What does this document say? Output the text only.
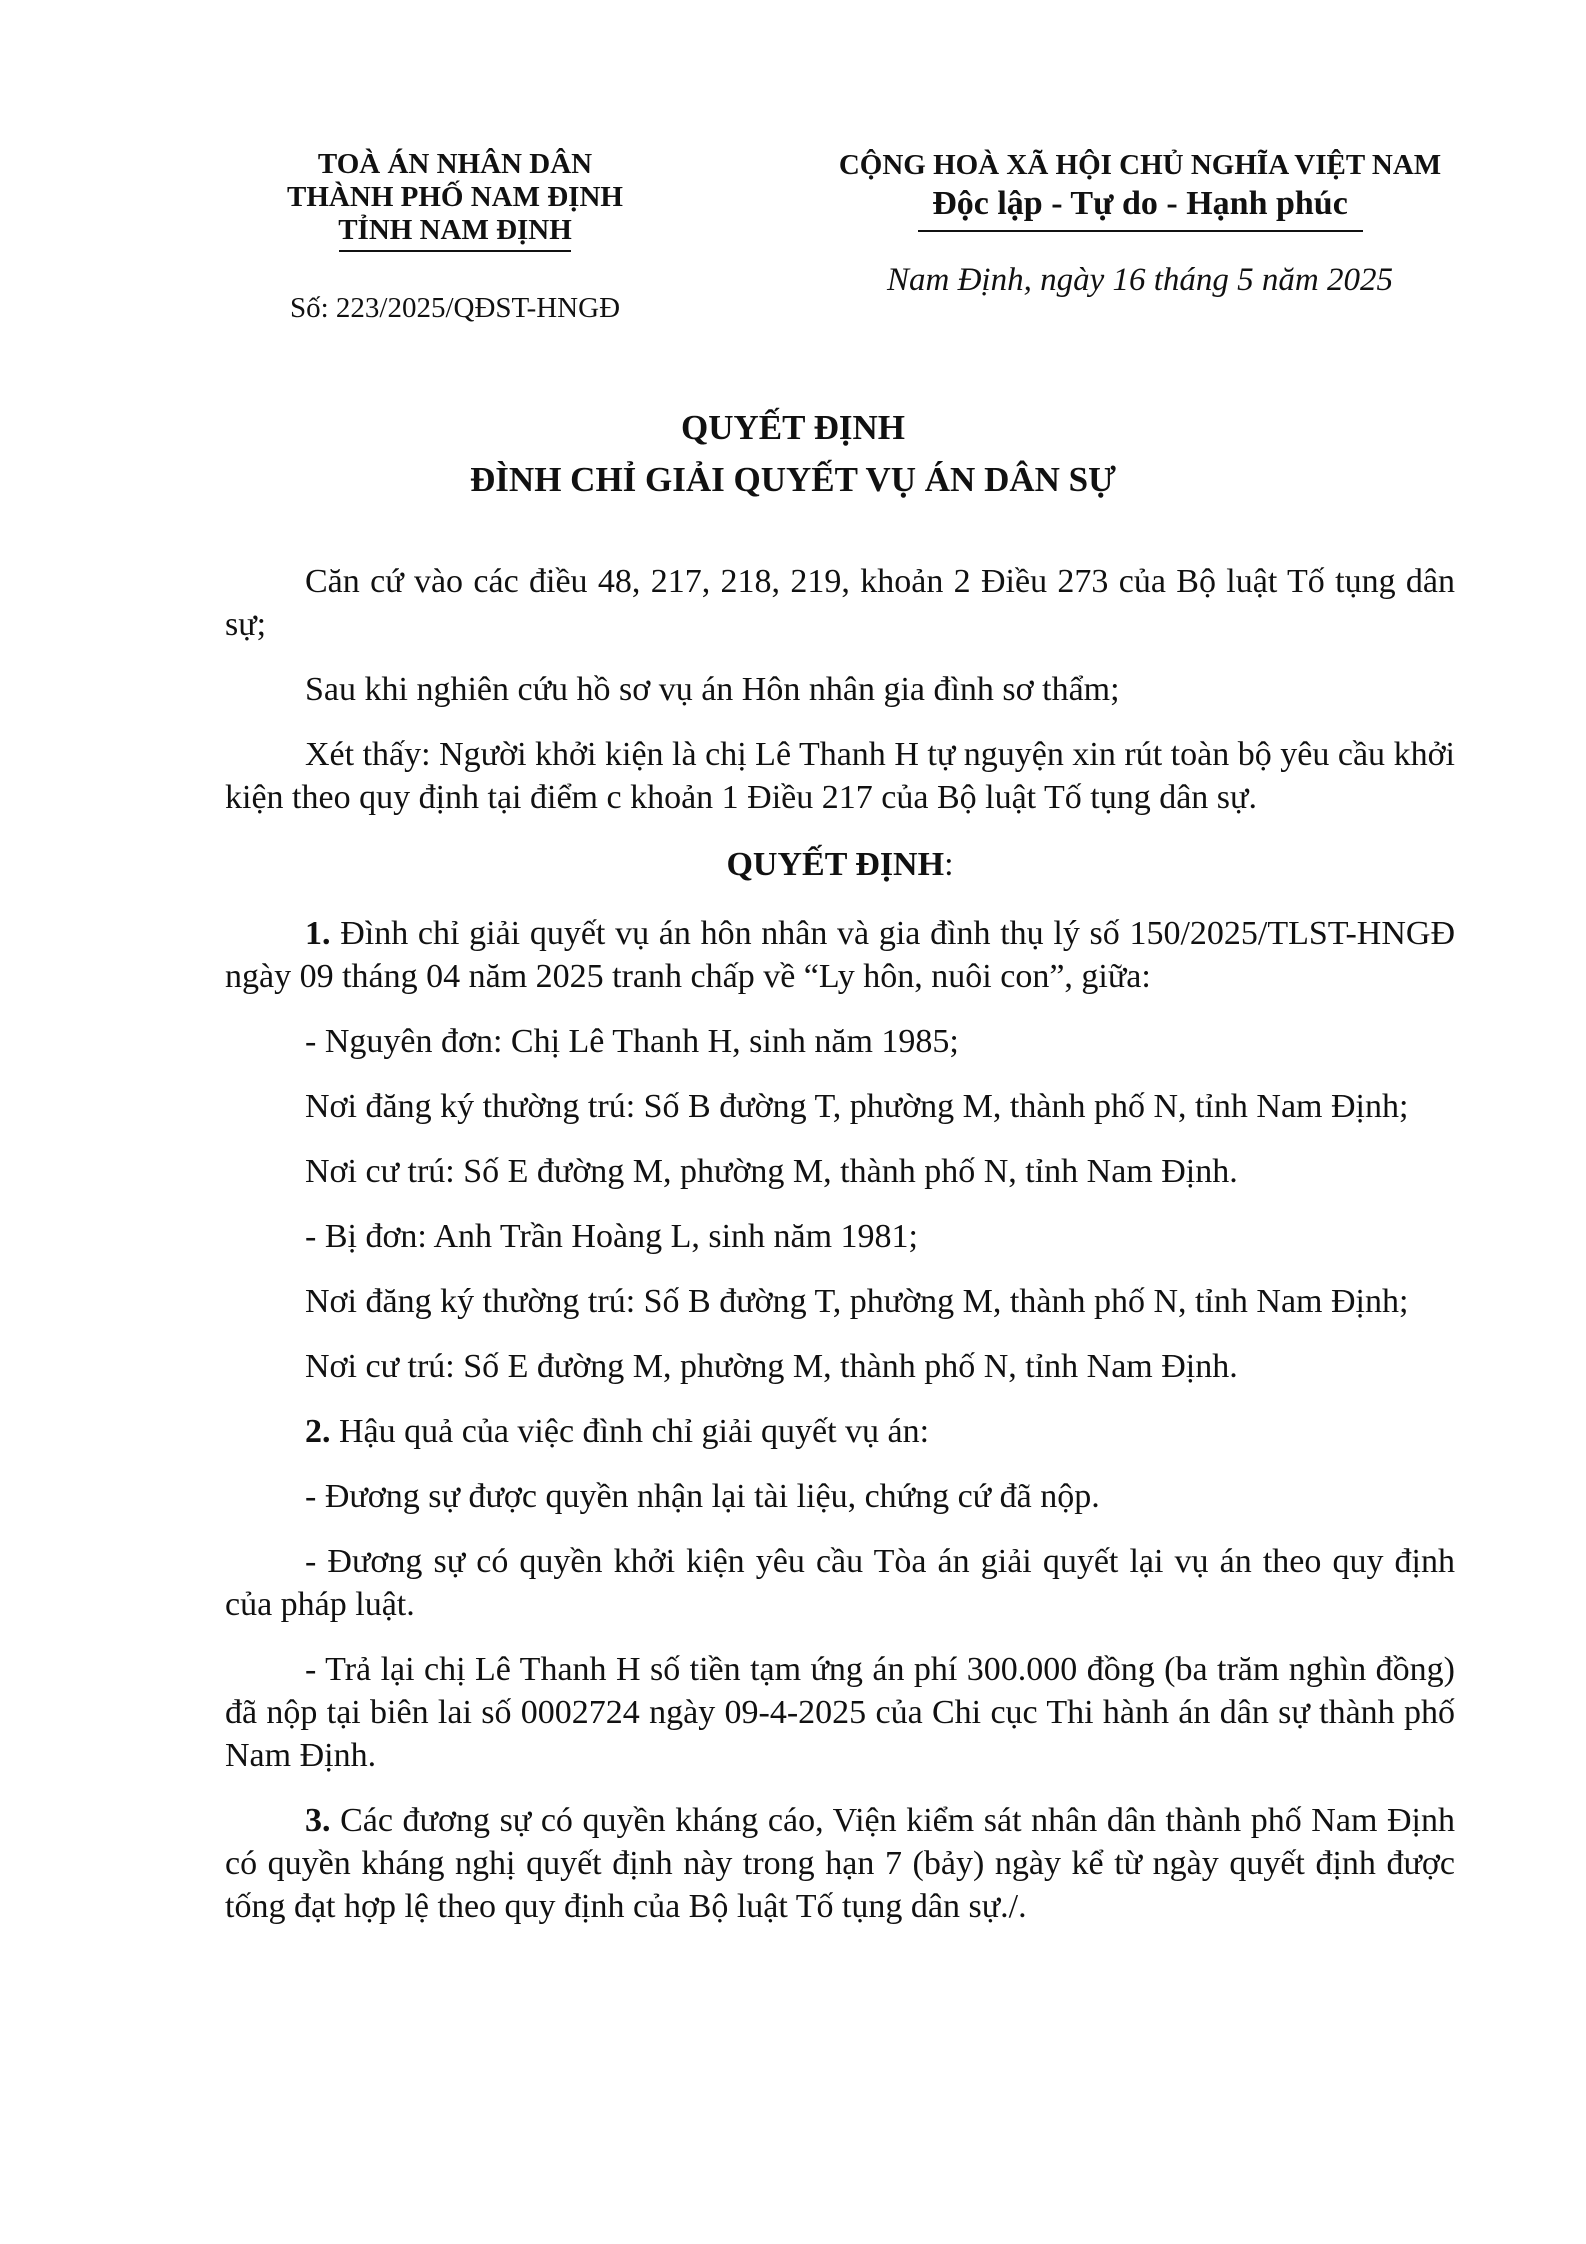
TOÀ ÁN NHÂN DÂN
THÀNH PHỐ NAM ĐỊNH
TỈNH NAM ĐỊNH
Số: 223/2025/QĐST-HNGĐ
CỘNG HOÀ XÃ HỘI CHỦ NGHĨA VIỆT NAM
Độc lập - Tự do - Hạnh phúc
Nam Định, ngày 16 tháng 5 năm 2025
QUYẾT ĐỊNH
ĐÌNH CHỈ GIẢI QUYẾT VỤ ÁN DÂN SỰ

Căn cứ vào các điều 48, 217, 218, 219, khoản 2 Điều 273 của Bộ luật Tố tụng dân sự;

Sau khi nghiên cứu hồ sơ vụ án Hôn nhân gia đình sơ thẩm;

Xét thấy: Người khởi kiện là chị Lê Thanh H tự nguyện xin rút toàn bộ yêu cầu khởi kiện theo quy định tại điểm c khoản 1 Điều 217 của Bộ luật Tố tụng dân sự.

QUYẾT ĐỊNH:

1. Đình chỉ giải quyết vụ án hôn nhân và gia đình thụ lý số 150/2025/TLST-HNGĐ ngày 09 tháng 04 năm 2025 tranh chấp về “Ly hôn, nuôi con”, giữa:

- Nguyên đơn: Chị Lê Thanh H, sinh năm 1985;

Nơi đăng ký thường trú: Số B đường T, phường M, thành phố N, tỉnh Nam Định;

Nơi cư trú: Số E đường M, phường M, thành phố N, tỉnh Nam Định.

- Bị đơn: Anh Trần Hoàng L, sinh năm 1981;

Nơi đăng ký thường trú: Số B đường T, phường M, thành phố N, tỉnh Nam Định;

Nơi cư trú: Số E đường M, phường M, thành phố N, tỉnh Nam Định.

2. Hậu quả của việc đình chỉ giải quyết vụ án:

- Đương sự được quyền nhận lại tài liệu, chứng cứ đã nộp.

- Đương sự có quyền khởi kiện yêu cầu Tòa án giải quyết lại vụ án theo quy định của pháp luật.

- Trả lại chị Lê Thanh H số tiền tạm ứng án phí 300.000 đồng (ba trăm nghìn đồng) đã nộp tại biên lai số 0002724 ngày 09-4-2025 của Chi cục Thi hành án dân sự thành phố Nam Định.

3. Các đương sự có quyền kháng cáo, Viện kiểm sát nhân dân thành phố Nam Định có quyền kháng nghị quyết định này trong hạn 7 (bảy) ngày kể từ ngày quyết định được tống đạt hợp lệ theo quy định của Bộ luật Tố tụng dân sự./.
